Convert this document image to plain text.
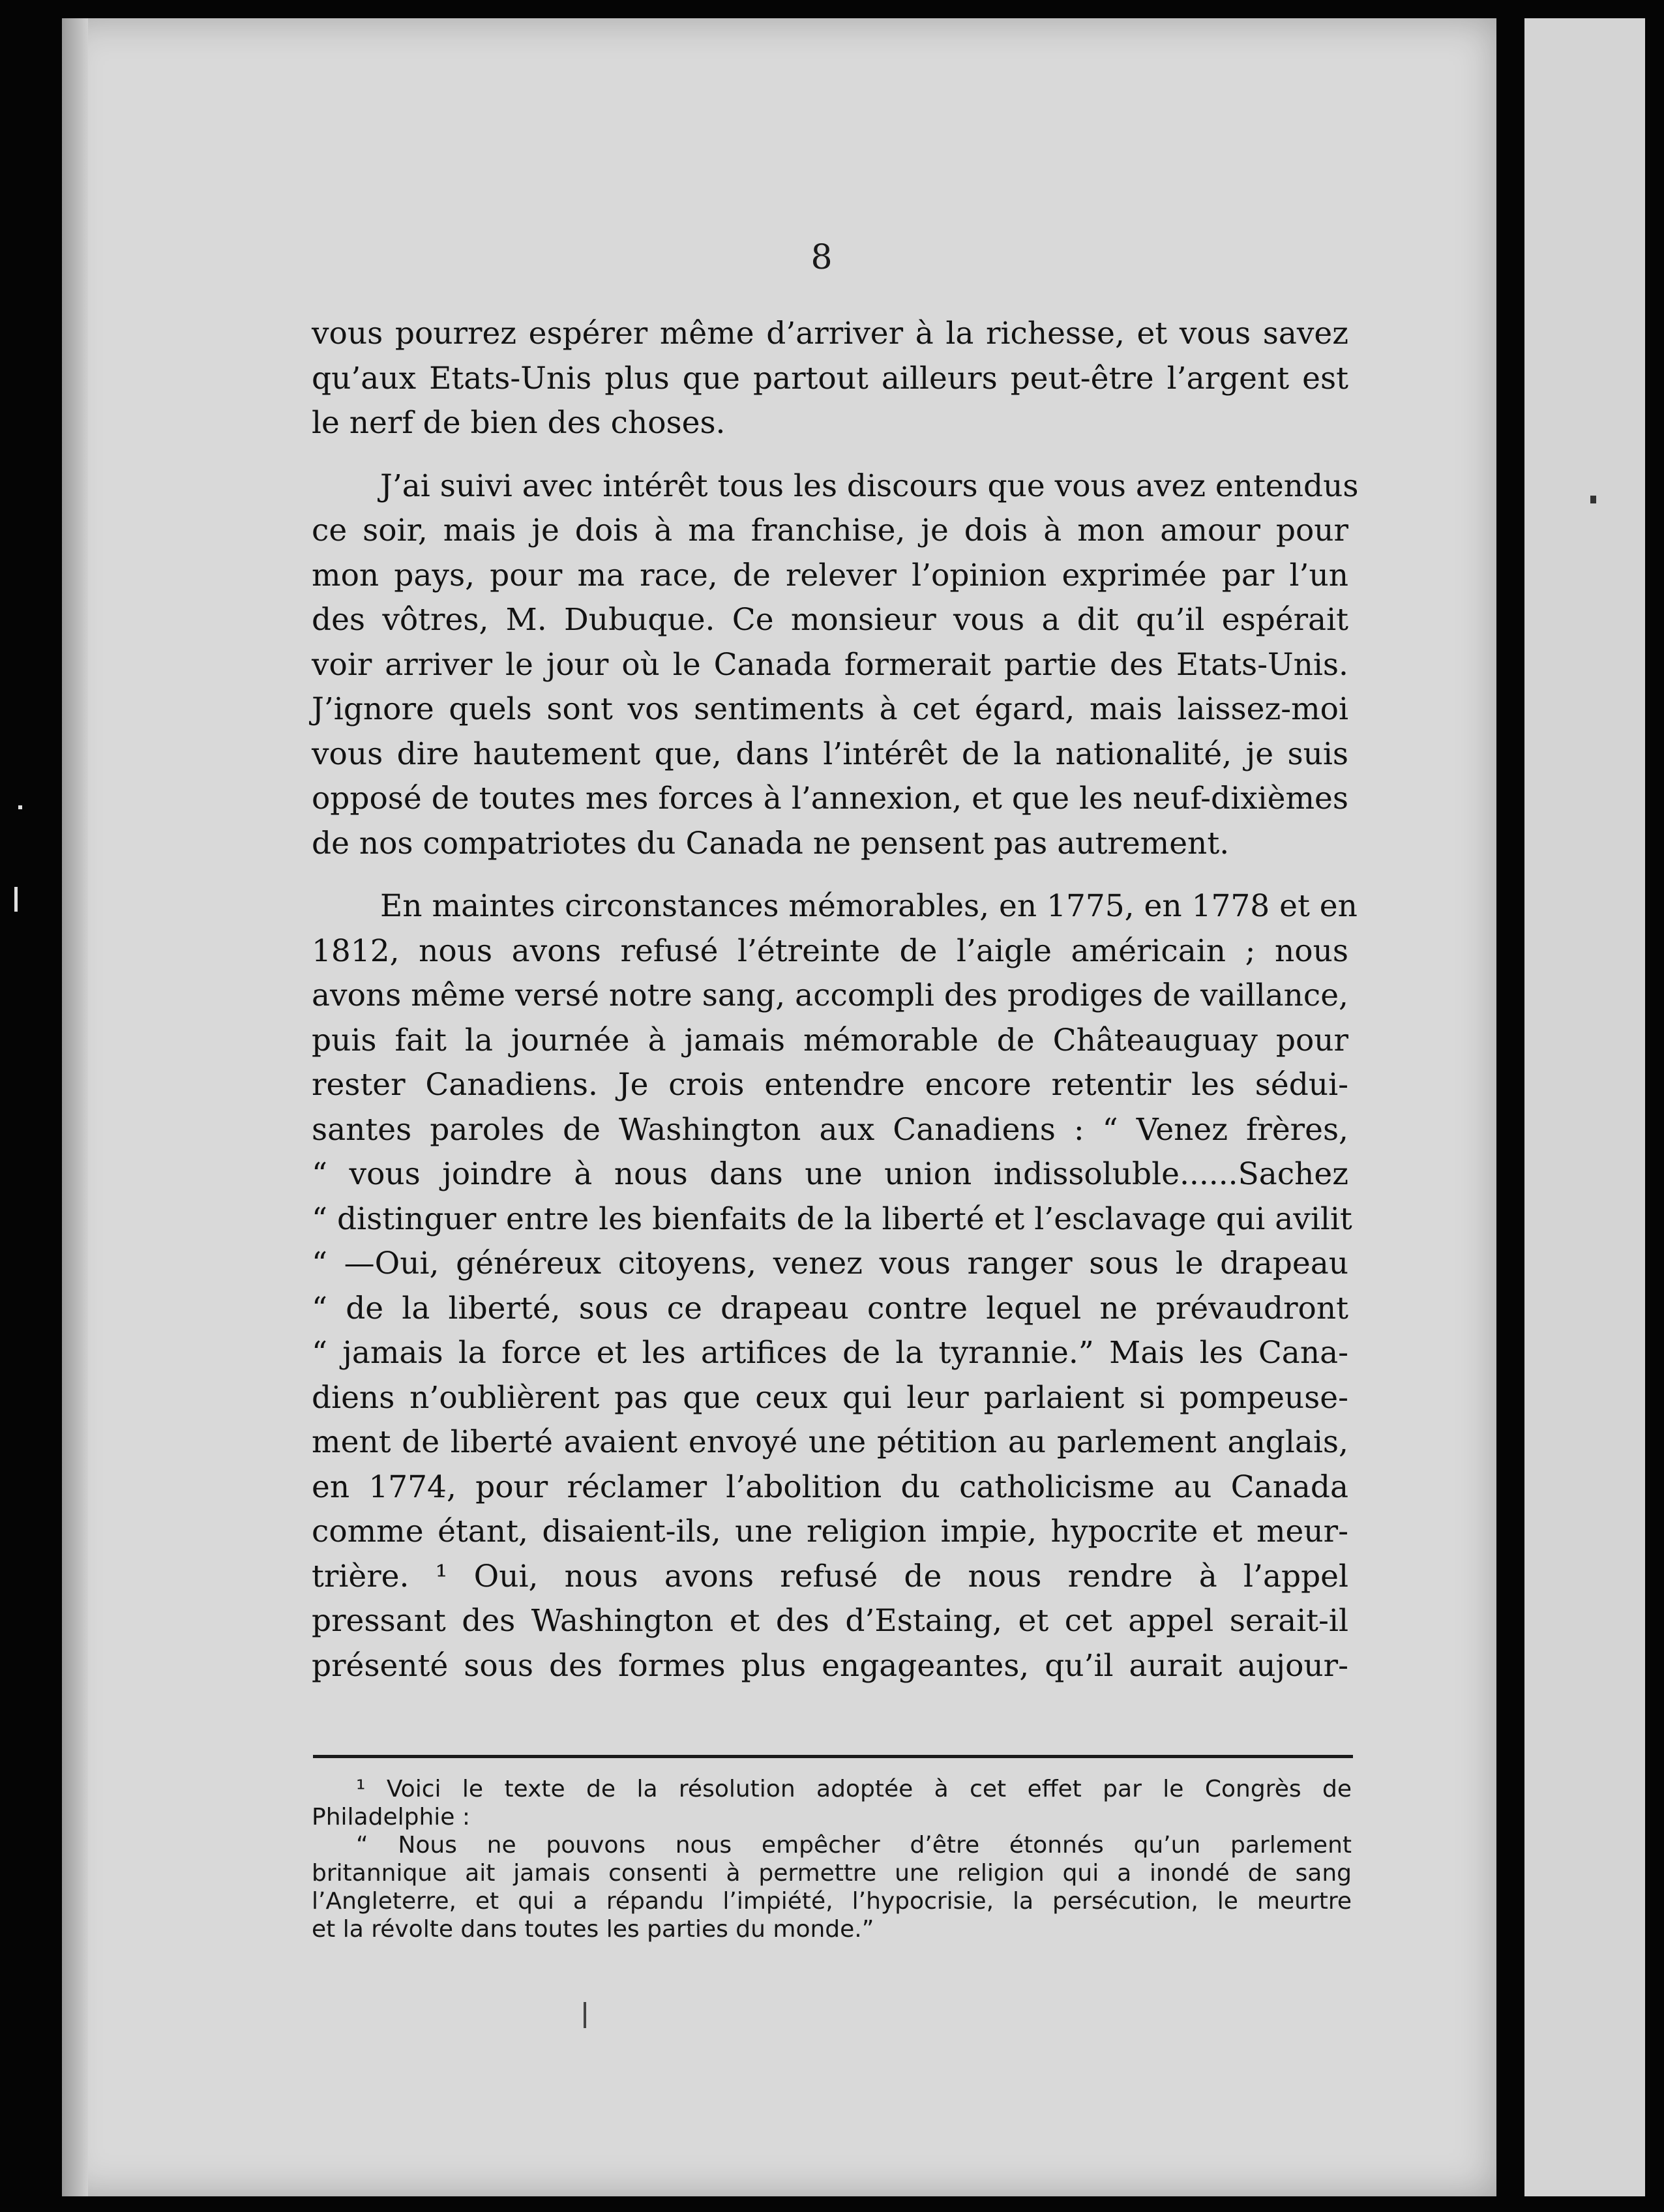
8
vous pourrez espérer même d’arriver à la richesse, et vous savez
qu’aux Etats-Unis plus que partout ailleurs peut-être l’argent est
le nerf de bien des choses.
J’ai suivi avec intérêt tous les discours que vous avez entendus
ce soir, mais je dois à ma franchise, je dois à mon amour pour
mon pays, pour ma race, de relever l’opinion exprimée par l’un
des vôtres, M. Dubuque. Ce monsieur vous a dit qu’il espérait
voir arriver le jour où le Canada formerait partie des Etats-Unis.
J’ignore quels sont vos sentiments à cet égard, mais laissez-moi
vous dire hautement que, dans l’intérêt de la nationalité, je suis
opposé de toutes mes forces à l’annexion, et que les neuf-dixièmes
de nos compatriotes du Canada ne pensent pas autrement.
En maintes circonstances mémorables, en 1775, en 1778 et en
1812, nous avons refusé l’étreinte de l’aigle américain ; nous
avons même versé notre sang, accompli des prodiges de vaillance,
puis fait la journée à jamais mémorable de Châteauguay pour
rester Canadiens. Je crois entendre encore retentir les sédui-
santes paroles de Washington aux Canadiens : “ Venez frères,
“ vous joindre à nous dans une union indissoluble......Sachez
“ distinguer entre les bienfaits de la liberté et l’esclavage qui avilit
“ —Oui, généreux citoyens, venez vous ranger sous le drapeau
“ de la liberté, sous ce drapeau contre lequel ne prévaudront
“ jamais la force et les artifices de la tyrannie.” Mais les Cana-
diens n’oublièrent pas que ceux qui leur parlaient si pompeuse-
ment de liberté avaient envoyé une pétition au parlement anglais,
en 1774, pour réclamer l’abolition du catholicisme au Canada
comme étant, disaient-ils, une religion impie, hypocrite et meur-
trière. ¹ Oui, nous avons refusé de nous rendre à l’appel
pressant des Washington et des d’Estaing, et cet appel serait-il
présenté sous des formes plus engageantes, qu’il aurait aujour-
¹ Voici le texte de la résolution adoptée à cet effet par le Congrès de
Philadelphie :
“ Nous ne pouvons nous empêcher d’être étonnés qu’un parlement
britannique ait jamais consenti à permettre une religion qui a inondé de sang
l’Angleterre, et qui a répandu l’impiété, l’hypocrisie, la persécution, le meurtre
et la révolte dans toutes les parties du monde.”
